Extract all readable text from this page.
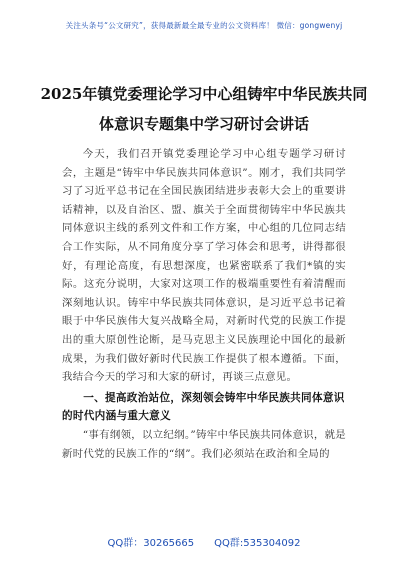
关注头条号“公文研究”，获得最新最全最专业的公文资料库！ 微信：gongwenyj
2025年镇党委理论学习中心组铸牢中华民族共同体意识专题集中学习研讨会讲话

今天，我们召开镇党委理论学习中心组专题学习研讨会，主题是“铸牢中华民族共同体意识”。刚才，我们共同学习了习近平总书记在全国民族团结进步表彰大会上的重要讲话精神，以及自治区、盟、旗关于全面贯彻铸牢中华民族共同体意识主线的系列文件和工作方案，中心组的几位同志结合工作实际，从不同角度分享了学习体会和思考，讲得都很好，有理论高度，有思想深度，也紧密联系了我们*镇的实际。这充分说明，大家对这项工作的极端重要性有着清醒而深刻地认识。铸牢中华民族共同体意识，是习近平总书记着眼于中华民族伟大复兴战略全局，对新时代党的民族工作提出的重大原创性论断，是马克思主义民族理论中国化的最新成果，为我们做好新时代民族工作提供了根本遵循。下面，我结合今天的学习和大家的研讨，再谈三点意见。

一、提高政治站位，深刻领会铸牢中华民族共同体意识的时代内涵与重大意义

“事有纲领，以立纪纲。”铸牢中华民族共同体意识，就是新时代党的民族工作的“纲”。我们必须站在政治和全局的

QQ群：30265665 QQ群:535304092
